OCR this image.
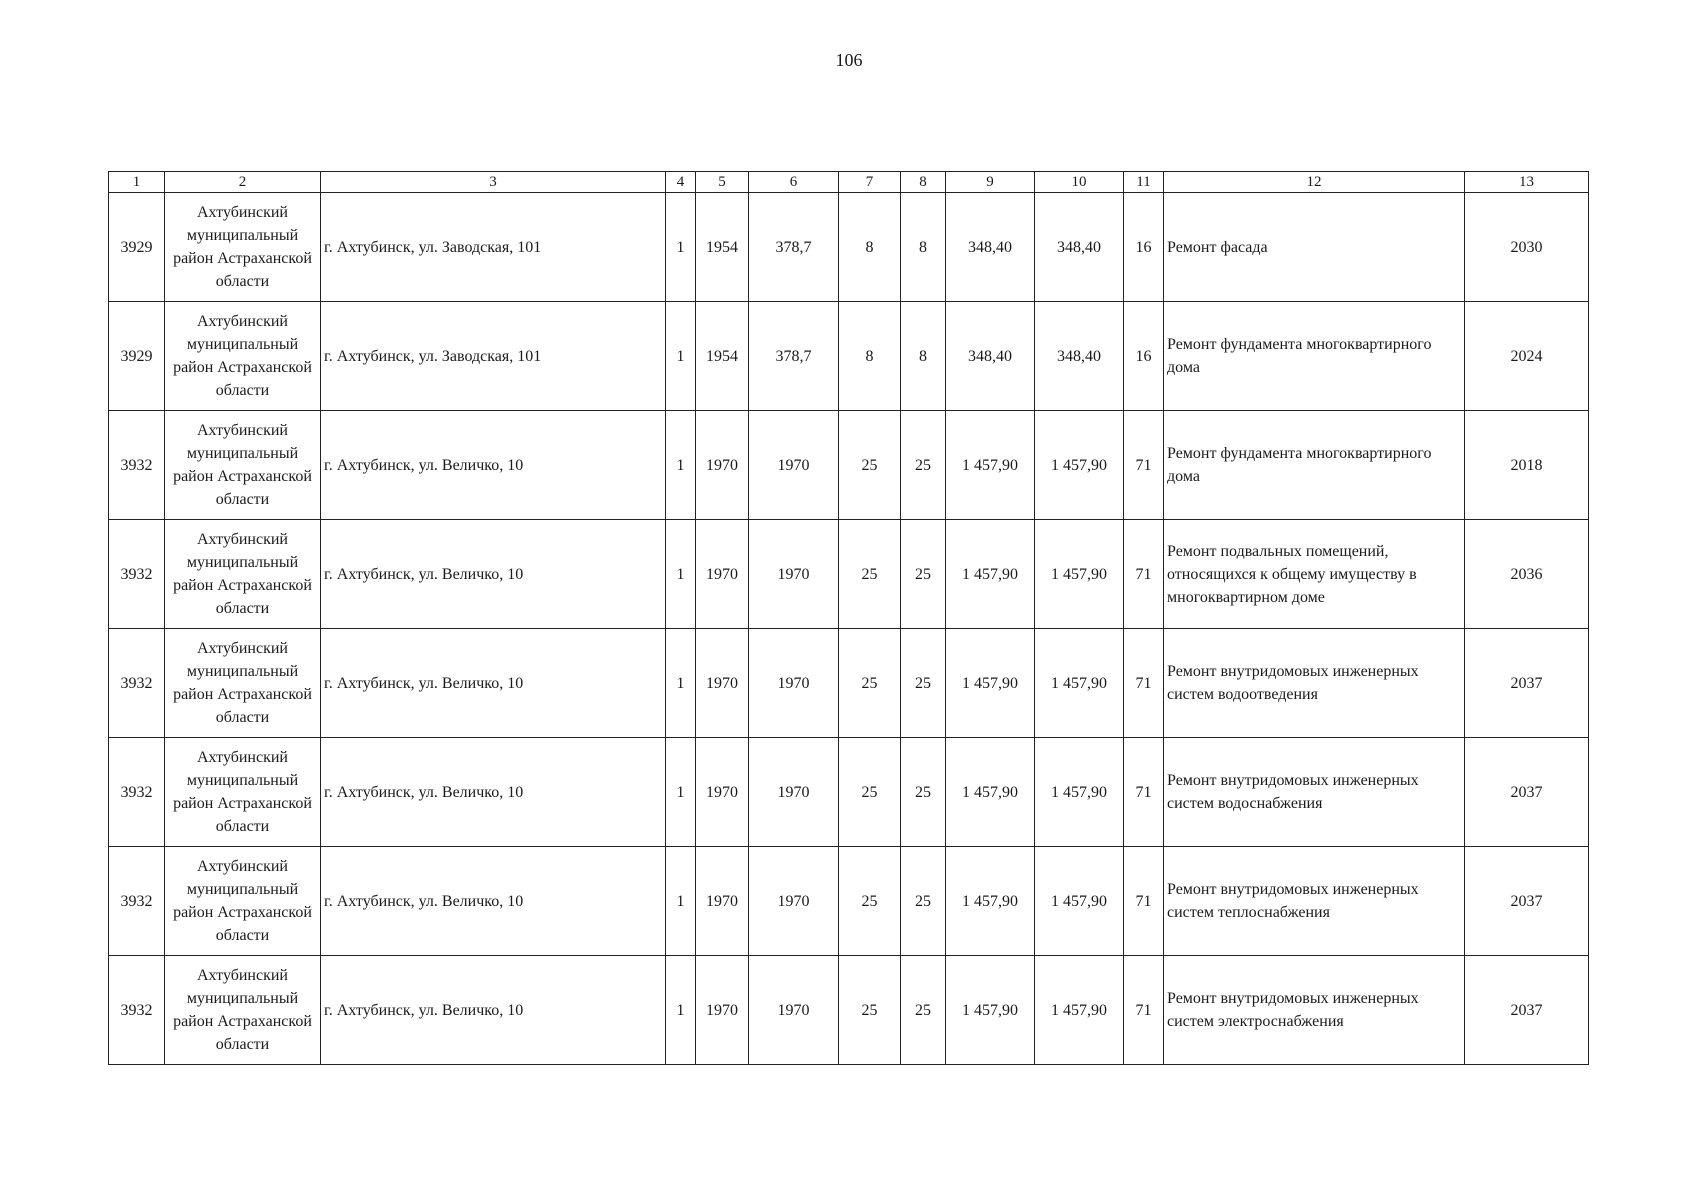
106
1	2	3	4	5	6	7	8	9	10	11	12	13
3929	Ахтубинский муниципальный район Астраханской области	г. Ахтубинск, ул. Заводская, 101	1	1954	378,7	8	8	348,40	348,40	16	Ремонт фасада	2030
3929	Ахтубинский муниципальный район Астраханской области	г. Ахтубинск, ул. Заводская, 101	1	1954	378,7	8	8	348,40	348,40	16	Ремонт фундамента многоквартирного дома	2024
3932	Ахтубинский муниципальный район Астраханской области	г. Ахтубинск, ул. Величко, 10	1	1970	1970	25	25	1 457,90	1 457,90	71	Ремонт фундамента многоквартирного дома	2018
3932	Ахтубинский муниципальный район Астраханской области	г. Ахтубинск, ул. Величко, 10	1	1970	1970	25	25	1 457,90	1 457,90	71	Ремонт подвальных помещений, относящихся к общему имуществу в многоквартирном доме	2036
3932	Ахтубинский муниципальный район Астраханской области	г. Ахтубинск, ул. Величко, 10	1	1970	1970	25	25	1 457,90	1 457,90	71	Ремонт внутридомовых инженерных систем водоотведения	2037
3932	Ахтубинский муниципальный район Астраханской области	г. Ахтубинск, ул. Величко, 10	1	1970	1970	25	25	1 457,90	1 457,90	71	Ремонт внутридомовых инженерных систем водоснабжения	2037
3932	Ахтубинский муниципальный район Астраханской области	г. Ахтубинск, ул. Величко, 10	1	1970	1970	25	25	1 457,90	1 457,90	71	Ремонт внутридомовых инженерных систем теплоснабжения	2037
3932	Ахтубинский муниципальный район Астраханской области	г. Ахтубинск, ул. Величко, 10	1	1970	1970	25	25	1 457,90	1 457,90	71	Ремонт внутридомовых инженерных систем электроснабжения	2037
